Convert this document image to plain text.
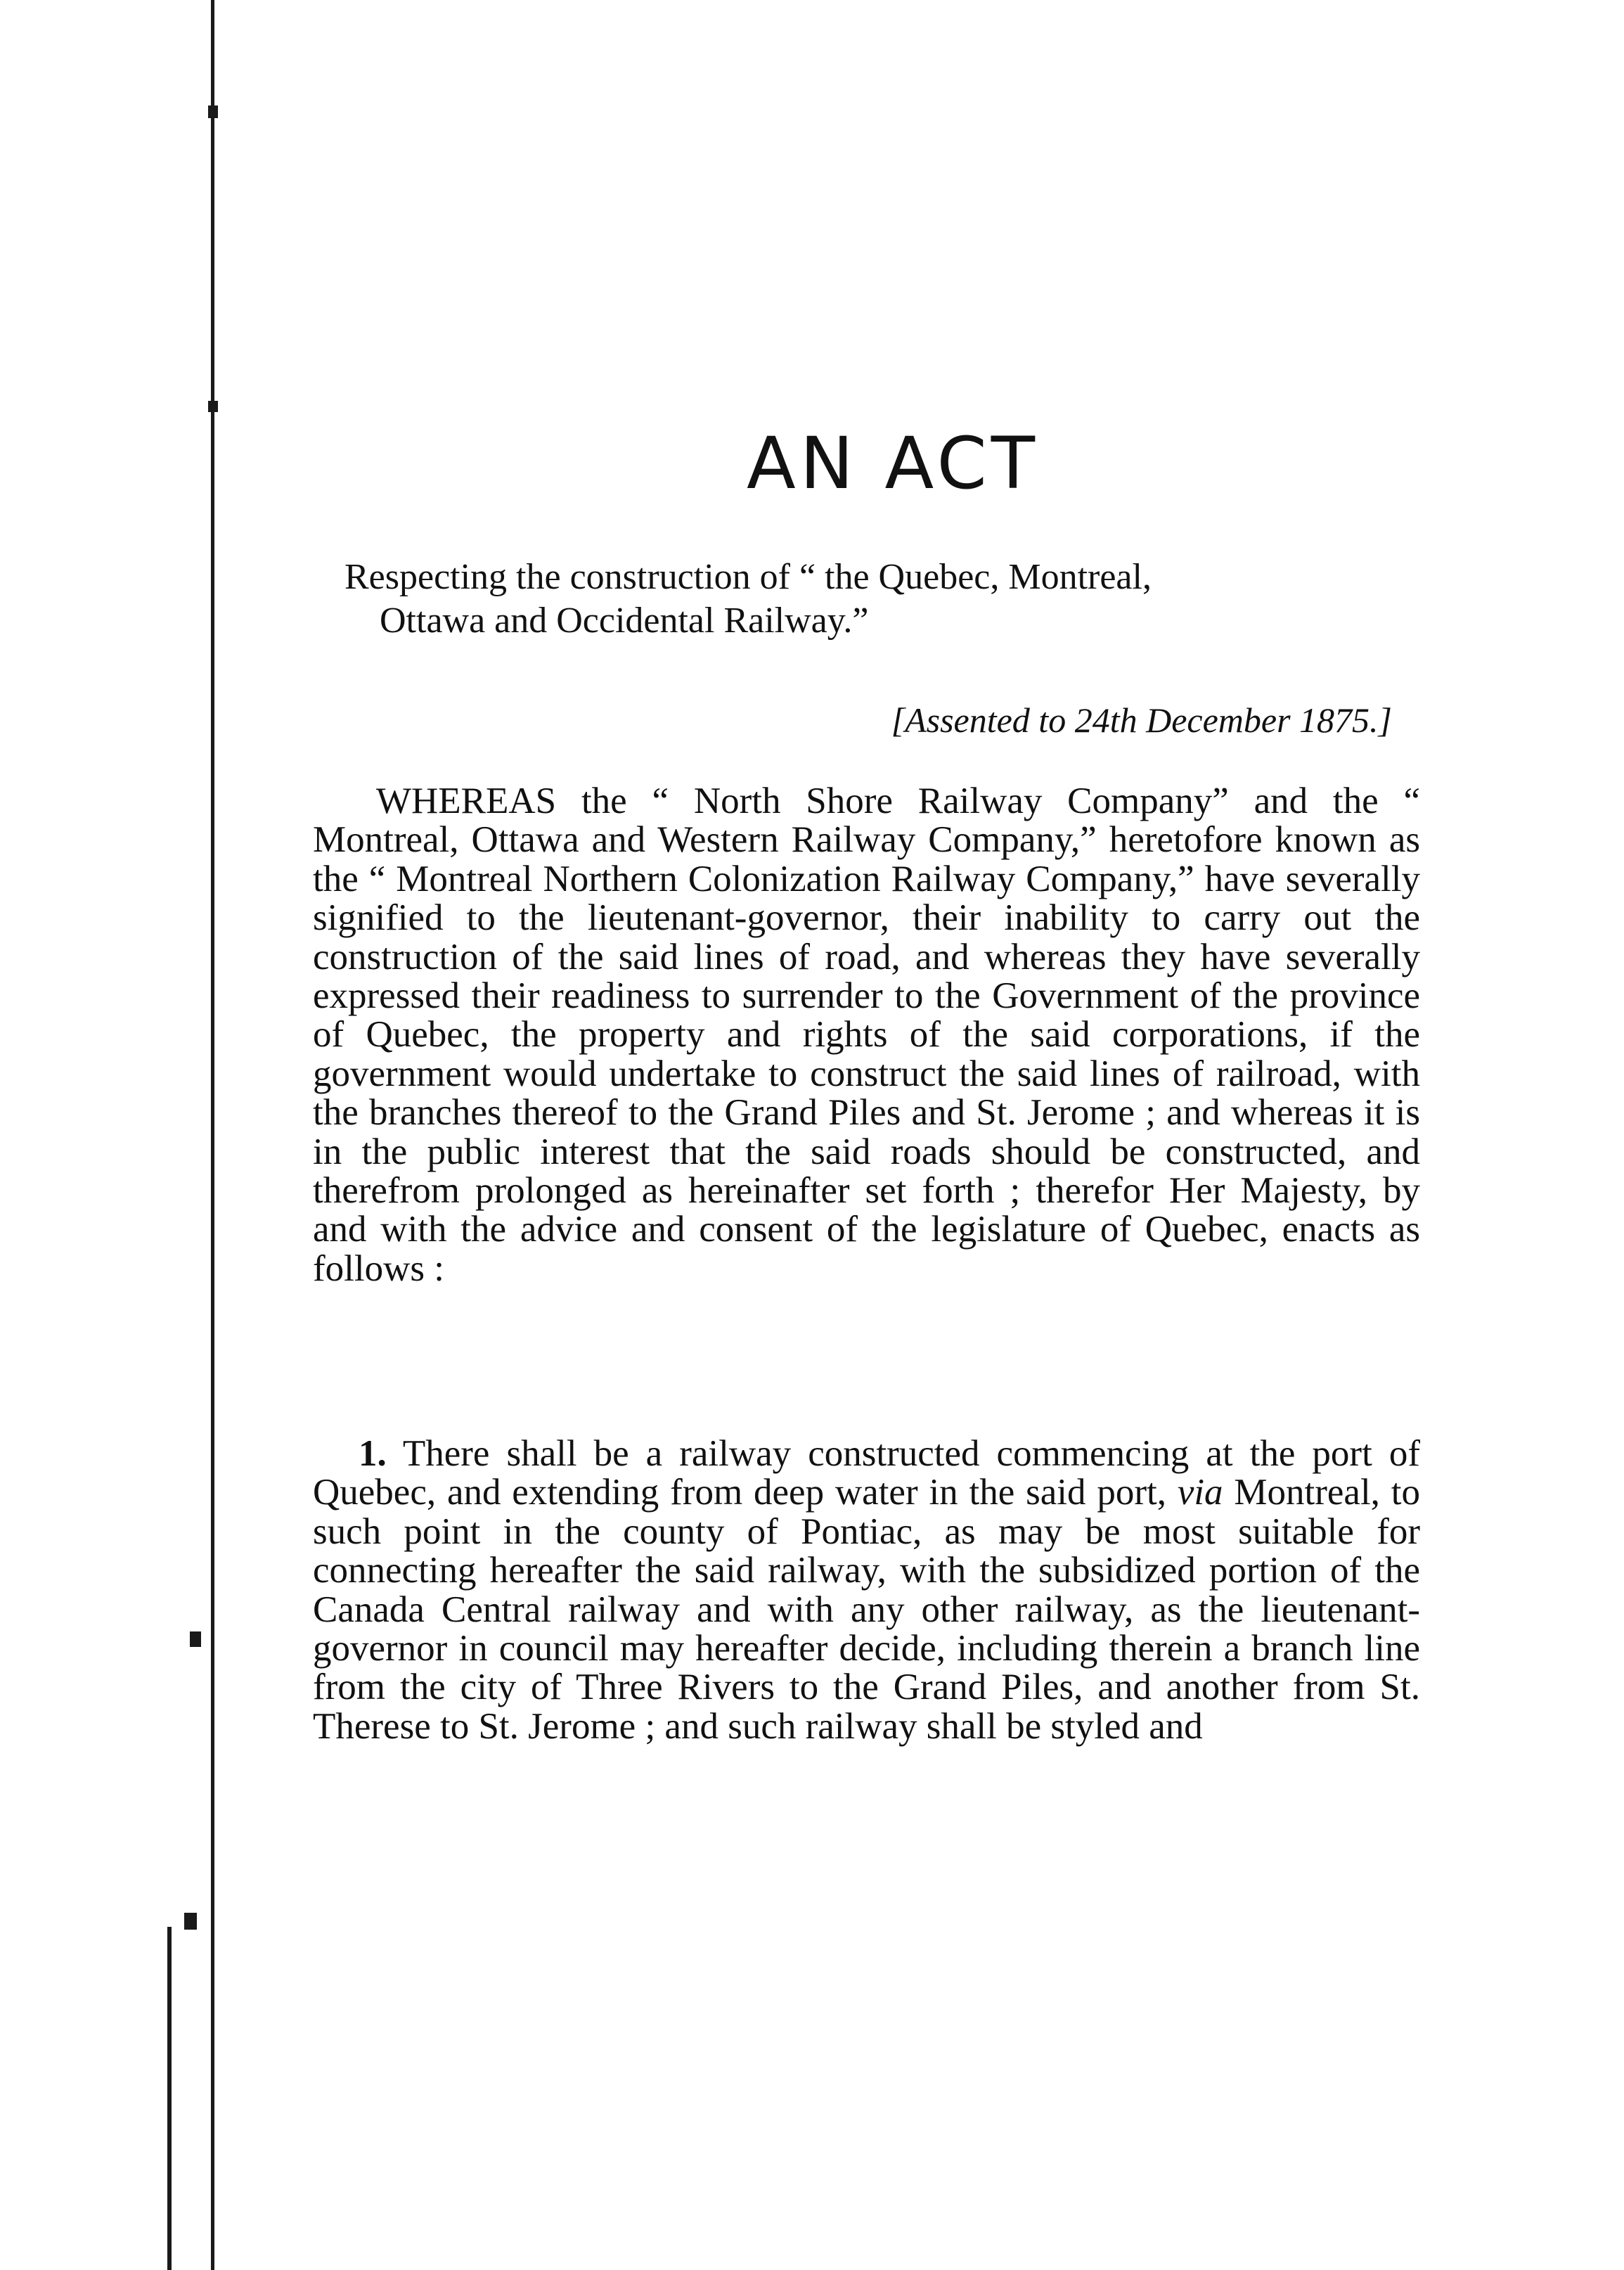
AN ACT

Respecting the construction of “ the Quebec, Montreal,
Ottawa and Occidental Railway.”

[Assented to 24th December 1875.]

WHEREAS the “ North Shore Railway Company” and the “ Montreal, Ottawa and Western Railway Company,” heretofore known as the “ Montreal Northern Colonization Railway Company,” have severally signified to the lieutenant-governor, their inability to carry out the construction of the said lines of road, and whereas they have severally expressed their readiness to surrender to the Government of the province of Quebec, the property and rights of the said corporations, if the government would undertake to construct the said lines of railroad, with the branches thereof to the Grand Piles and St. Jerome ; and whereas it is in the public interest that the said roads should be constructed, and therefrom prolonged as hereinafter set forth ; therefor Her Majesty, by and with the advice and consent of the legislature of Quebec, enacts as follows :

1. There shall be a railway constructed commencing at the port of Quebec, and extending from deep water in the said port, via Montreal, to such point in the county of Pontiac, as may be most suitable for connecting hereafter the said railway, with the subsidized portion of the Canada Central railway and with any other railway, as the lieutenant-governor in council may hereafter decide, including therein a branch line from the city of Three Rivers to the Grand Piles, and another from St. Therese to St. Jerome ; and such railway shall be styled and
